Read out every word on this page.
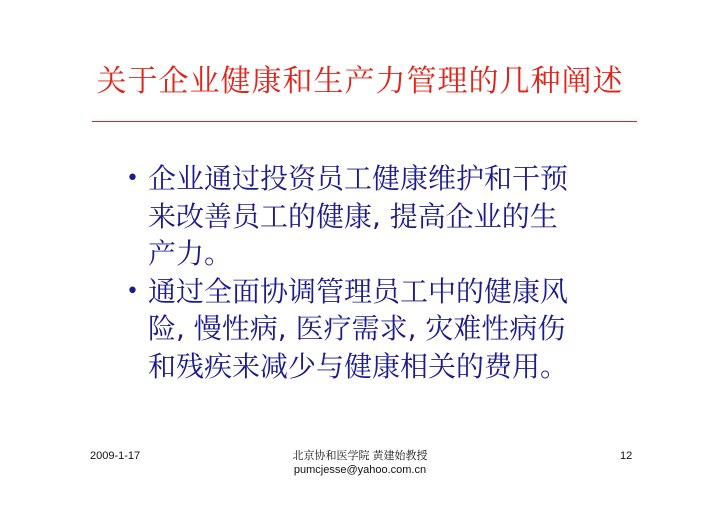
关于企业健康和生产力管理的几种阐述
• 企业通过投资员工健康维护和干预
来改善员工的健康, 提高企业的生
产力。
• 通过全面协调管理员工中的健康风
险, 慢性病, 医疗需求, 灾难性病伤
和残疾来减少与健康相关的费用。
2009-1-17	北京协和医学院 黄建始教授
pumcjesse@yahoo.com.cn
12
